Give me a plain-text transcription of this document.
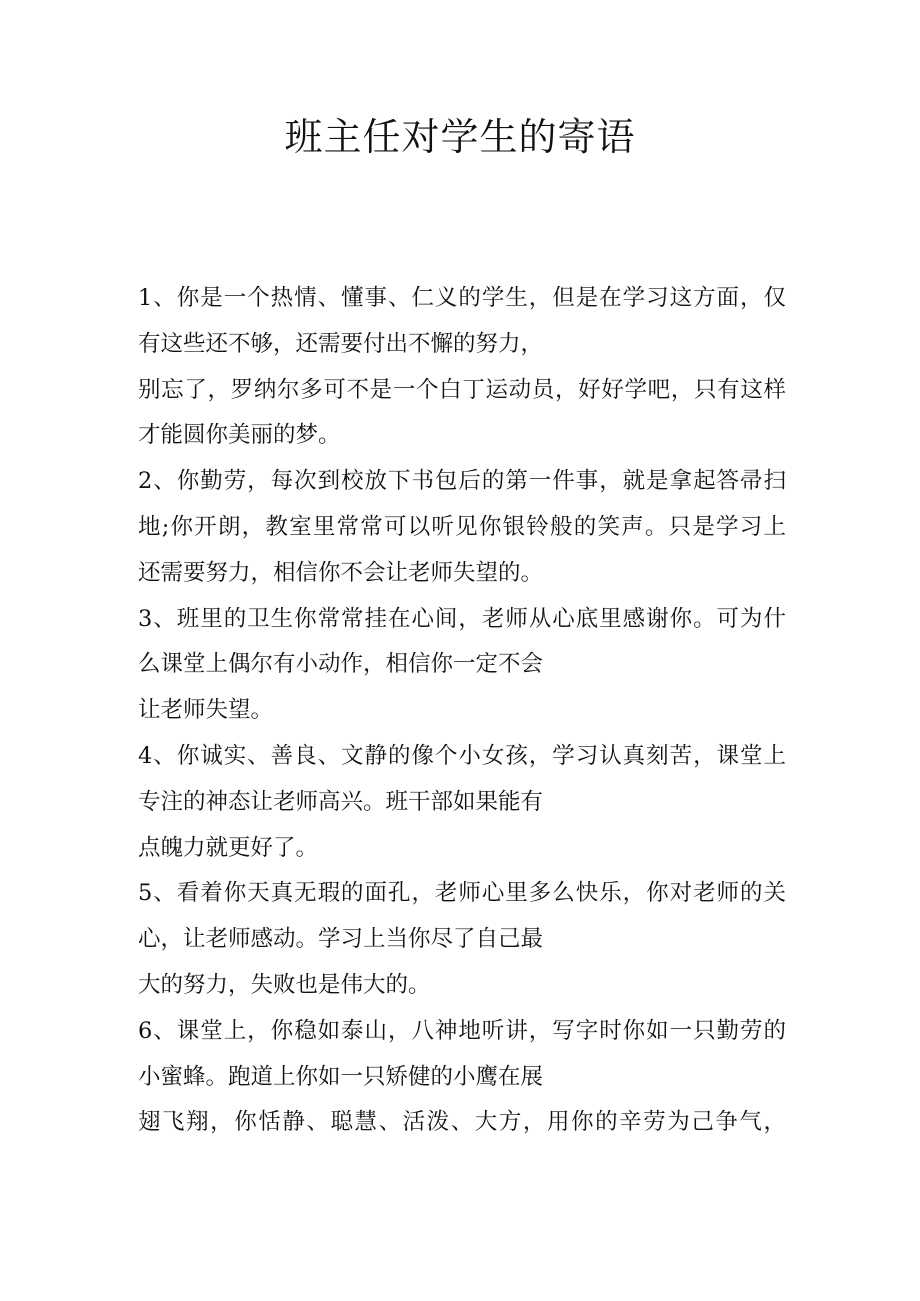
班主任对学生的寄语
1、你是一个热情、懂事、仁义的学生，但是在学习这方面，仅
有这些还不够，还需要付出不懈的努力，
别忘了，罗纳尔多可不是一个白丁运动员，好好学吧，只有这样
才能圆你美丽的梦。
2、你勤劳，每次到校放下书包后的第一件事，就是拿起答帚扫
地;你开朗，教室里常常可以听见你银铃般的笑声。只是学习上
还需要努力，相信你不会让老师失望的。
3、班里的卫生你常常挂在心间，老师从心底里感谢你。可为什
么课堂上偶尔有小动作，相信你一定不会
让老师失望。
4、你诚实、善良、文静的像个小女孩，学习认真刻苦，课堂上
专注的神态让老师高兴。班干部如果能有
点魄力就更好了。
5、看着你天真无瑕的面孔，老师心里多么快乐，你对老师的关
心，让老师感动。学习上当你尽了自己最
大的努力，失败也是伟大的。
6、课堂上，你稳如泰山，八神地听讲，写字时你如一只勤劳的
小蜜蜂。跑道上你如一只矫健的小鹰在展
翅飞翔，你恬静、聪慧、活泼、大方，用你的辛劳为己争气，
